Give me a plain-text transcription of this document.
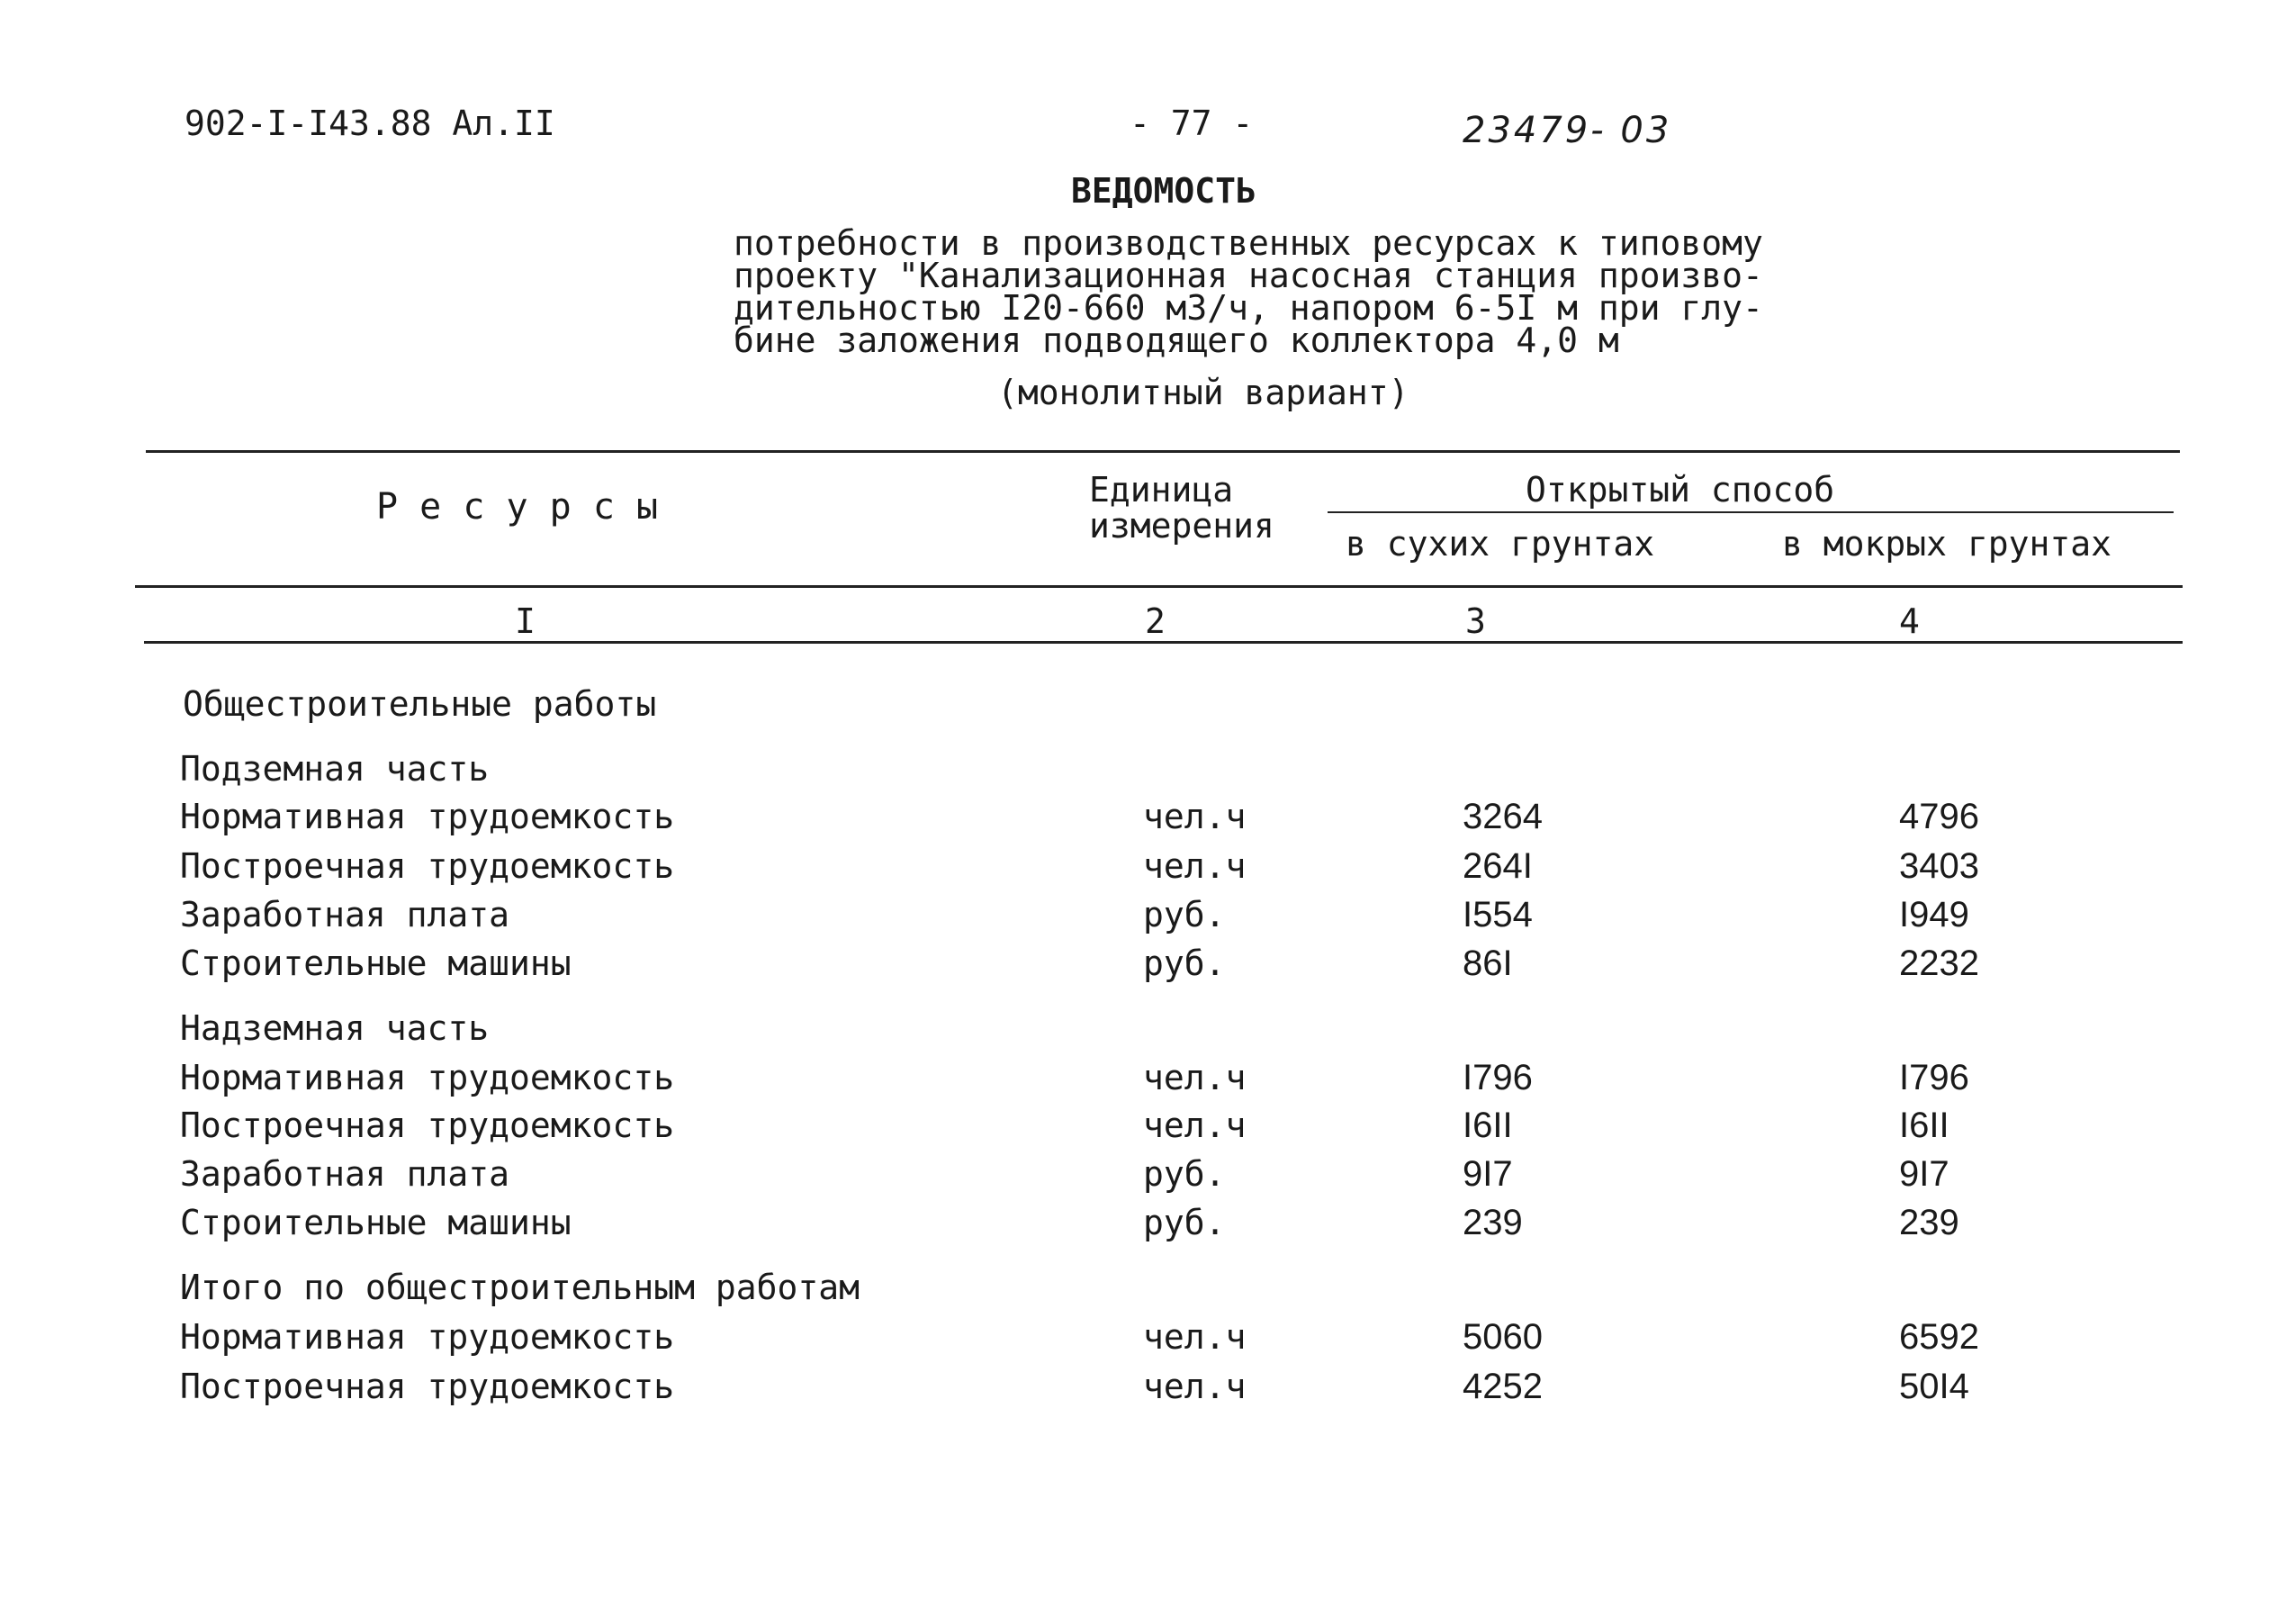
902-I-I43.88 Ал.II	- 77 -	23479- 03
ВЕДОМОСТЬ
потребности в производственных ресурсах к типовому
проекту "Канализационная насосная станция произво-
дительностью I20-660 м3/ч, напором 6-5I м при глу-
бине заложения подводящего коллектора 4,0 м
(монолитный вариант)
Р е с у р с ы	Единица
измерения
Открытый способ
в сухих грунтах	в мокрых грунтах
I	2	3	4
Общестроительные работы
Подземная часть
Нормативная трудоемкость	чел.ч	3264	4796
Построечная трудоемкость	чел.ч	264I	3403
Заработная плата	руб.	I554	I949
Строительные машины	руб.	86I	2232
Надземная часть
Нормативная трудоемкость	чел.ч	I796	I796
Построечная трудоемкость	чел.ч	I6II	I6II
Заработная плата	руб.	9I7	9I7
Строительные машины	руб.	239	239
Итого по общестроительным работам
Нормативная трудоемкость	чел.ч	5060	6592
Построечная трудоемкость	чел.ч	4252	50I4
